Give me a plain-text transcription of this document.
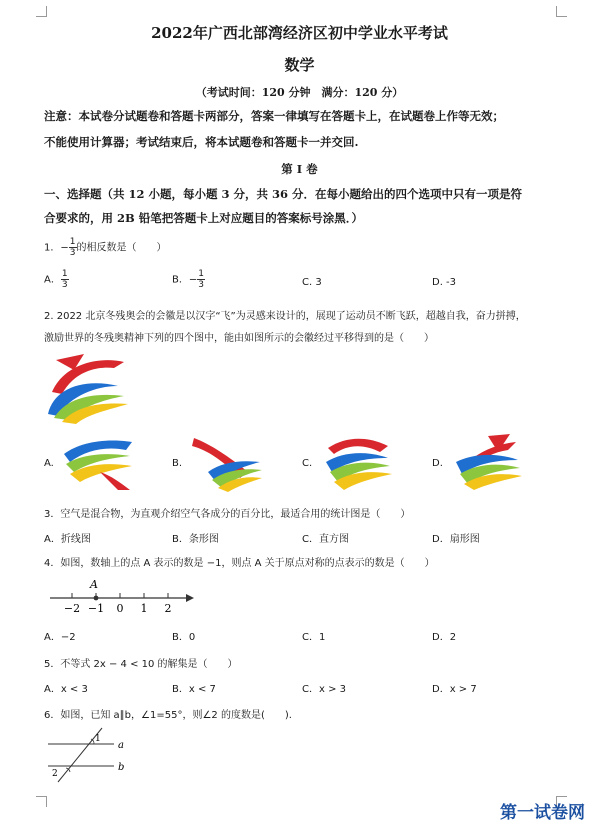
2022年广西北部湾经济区初中学业水平考试
数学
（考试时间：120 分钟　满分：120 分）
注意：本试卷分试题卷和答题卡两部分，答案一律填写在答题卡上，在试题卷上作等无效；
不能使用计算器；考试结束后，将本试题卷和答题卡一并交回.
第 I 卷
一、选择题（共 12 小题，每小题 3 分，共 36 分．在每小题给出的四个选项中只有一项是符
合要求的，用 2B 铅笔把答题卡上对应题目的答案标号涂黑．）
1．− $\frac{1}{3}$ 的相反数是（　　）
A． $\frac{1}{3}$	B．− $\frac{1}{3}$	C. 3	D. -3
2. 2022 北京冬残奥会的会徽是以汉字“飞”为灵感来设计的，展现了运动员不断飞跃，超越自我，奋力拼搏，
激励世界的冬残奥精神下列的四个图中，能由如图所示的会徽经过平移得到的是（　　）
A.	B.	C.	D.
3．空气是混合物，为直观介绍空气各成分的百分比，最适合用的统计图是（　　）
A．折线图	B．条形图	C．直方图	D．扇形图
4．如图，数轴上的点 A 表示的数是 −1，则点 A 关于原点对称的点表示的数是（　　）
−2 −1 0 1 2
A
A．−2	B．0	C．1	D．2
5．不等式 2x − 4 < 10 的解集是（　　）
A．x < 3	B．x < 7	C．x > 3	D．x > 7
6．如图，已知 a∥b，∠1=55°，则∠2 的度数是(　　).
a
b
1
2
第一试卷网
